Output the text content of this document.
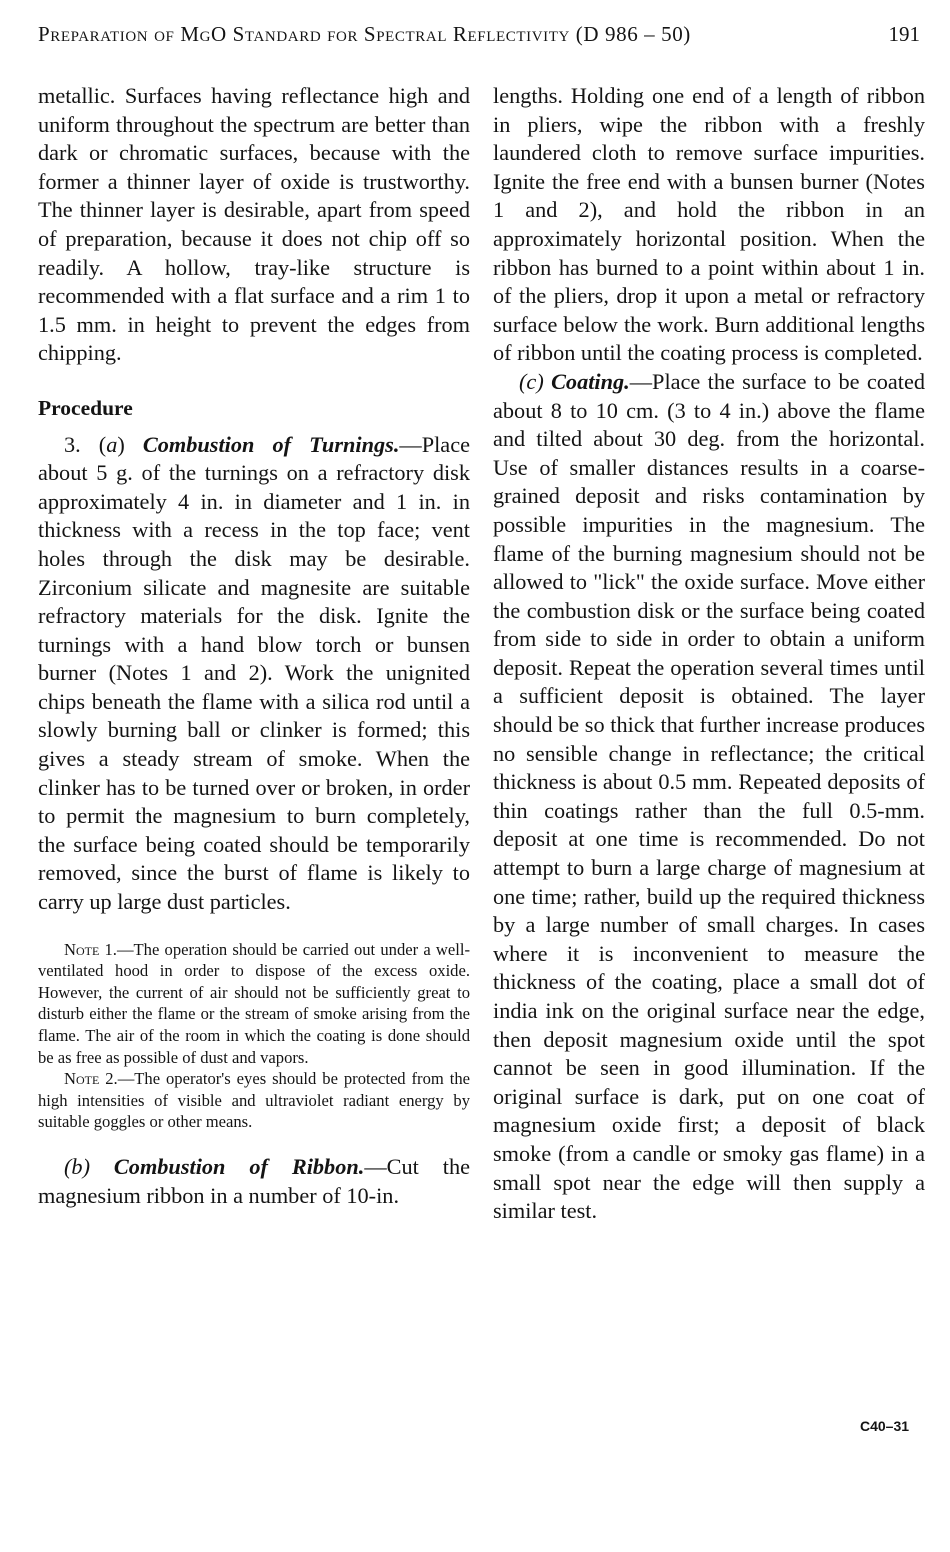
Preparation of MgO Standard for Spectral Reflectivity (D 986 – 50)	191

metallic. Surfaces having reflectance high and uniform throughout the spectrum are better than dark or chromatic surfaces, because with the former a thinner layer of oxide is trustworthy. The thinner layer is desirable, apart from speed of preparation, because it does not chip off so readily. A hollow, tray-like structure is recommended with a flat surface and a rim 1 to 1.5 mm. in height to prevent the edges from chipping.

Procedure

3. (a) Combustion of Turnings.—Place about 5 g. of the turnings on a refractory disk approximately 4 in. in diameter and 1 in. in thickness with a recess in the top face; vent holes through the disk may be desirable. Zirconium silicate and magnesite are suitable refractory materials for the disk. Ignite the turnings with a hand blow torch or bunsen burner (Notes 1 and 2). Work the unignited chips beneath the flame with a silica rod until a slowly burning ball or clinker is formed; this gives a steady stream of smoke. When the clinker has to be turned over or broken, in order to permit the magnesium to burn completely, the surface being coated should be temporarily removed, since the burst of flame is likely to carry up large dust particles.

Note 1.—The operation should be carried out under a well-ventilated hood in order to dispose of the excess oxide. However, the current of air should not be sufficiently great to disturb either the flame or the stream of smoke arising from the flame. The air of the room in which the coating is done should be as free as possible of dust and vapors.

Note 2.—The operator's eyes should be protected from the high intensities of visible and ultraviolet radiant energy by suitable goggles or other means.

(b) Combustion of Ribbon.—Cut the magnesium ribbon in a number of 10-in.

lengths. Holding one end of a length of ribbon in pliers, wipe the ribbon with a freshly laundered cloth to remove surface impurities. Ignite the free end with a bunsen burner (Notes 1 and 2), and hold the ribbon in an approximately horizontal position. When the ribbon has burned to a point within about 1 in. of the pliers, drop it upon a metal or refractory surface below the work. Burn additional lengths of ribbon until the coating process is completed.

(c) Coating.—Place the surface to be coated about 8 to 10 cm. (3 to 4 in.) above the flame and tilted about 30 deg. from the horizontal. Use of smaller distances results in a coarse-grained deposit and risks contamination by possible impurities in the magnesium. The flame of the burning magnesium should not be allowed to "lick" the oxide surface. Move either the combustion disk or the surface being coated from side to side in order to obtain a uniform deposit. Repeat the operation several times until a sufficient deposit is obtained. The layer should be so thick that further increase produces no sensible change in reflectance; the critical thickness is about 0.5 mm. Repeated deposits of thin coatings rather than the full 0.5-mm. deposit at one time is recommended. Do not attempt to burn a large charge of magnesium at one time; rather, build up the required thickness by a large number of small charges. In cases where it is inconvenient to measure the thickness of the coating, place a small dot of india ink on the original surface near the edge, then deposit magnesium oxide until the spot cannot be seen in good illumination. If the original surface is dark, put on one coat of magnesium oxide first; a deposit of black smoke (from a candle or smoky gas flame) in a small spot near the edge will then supply a similar test.

C40–31
